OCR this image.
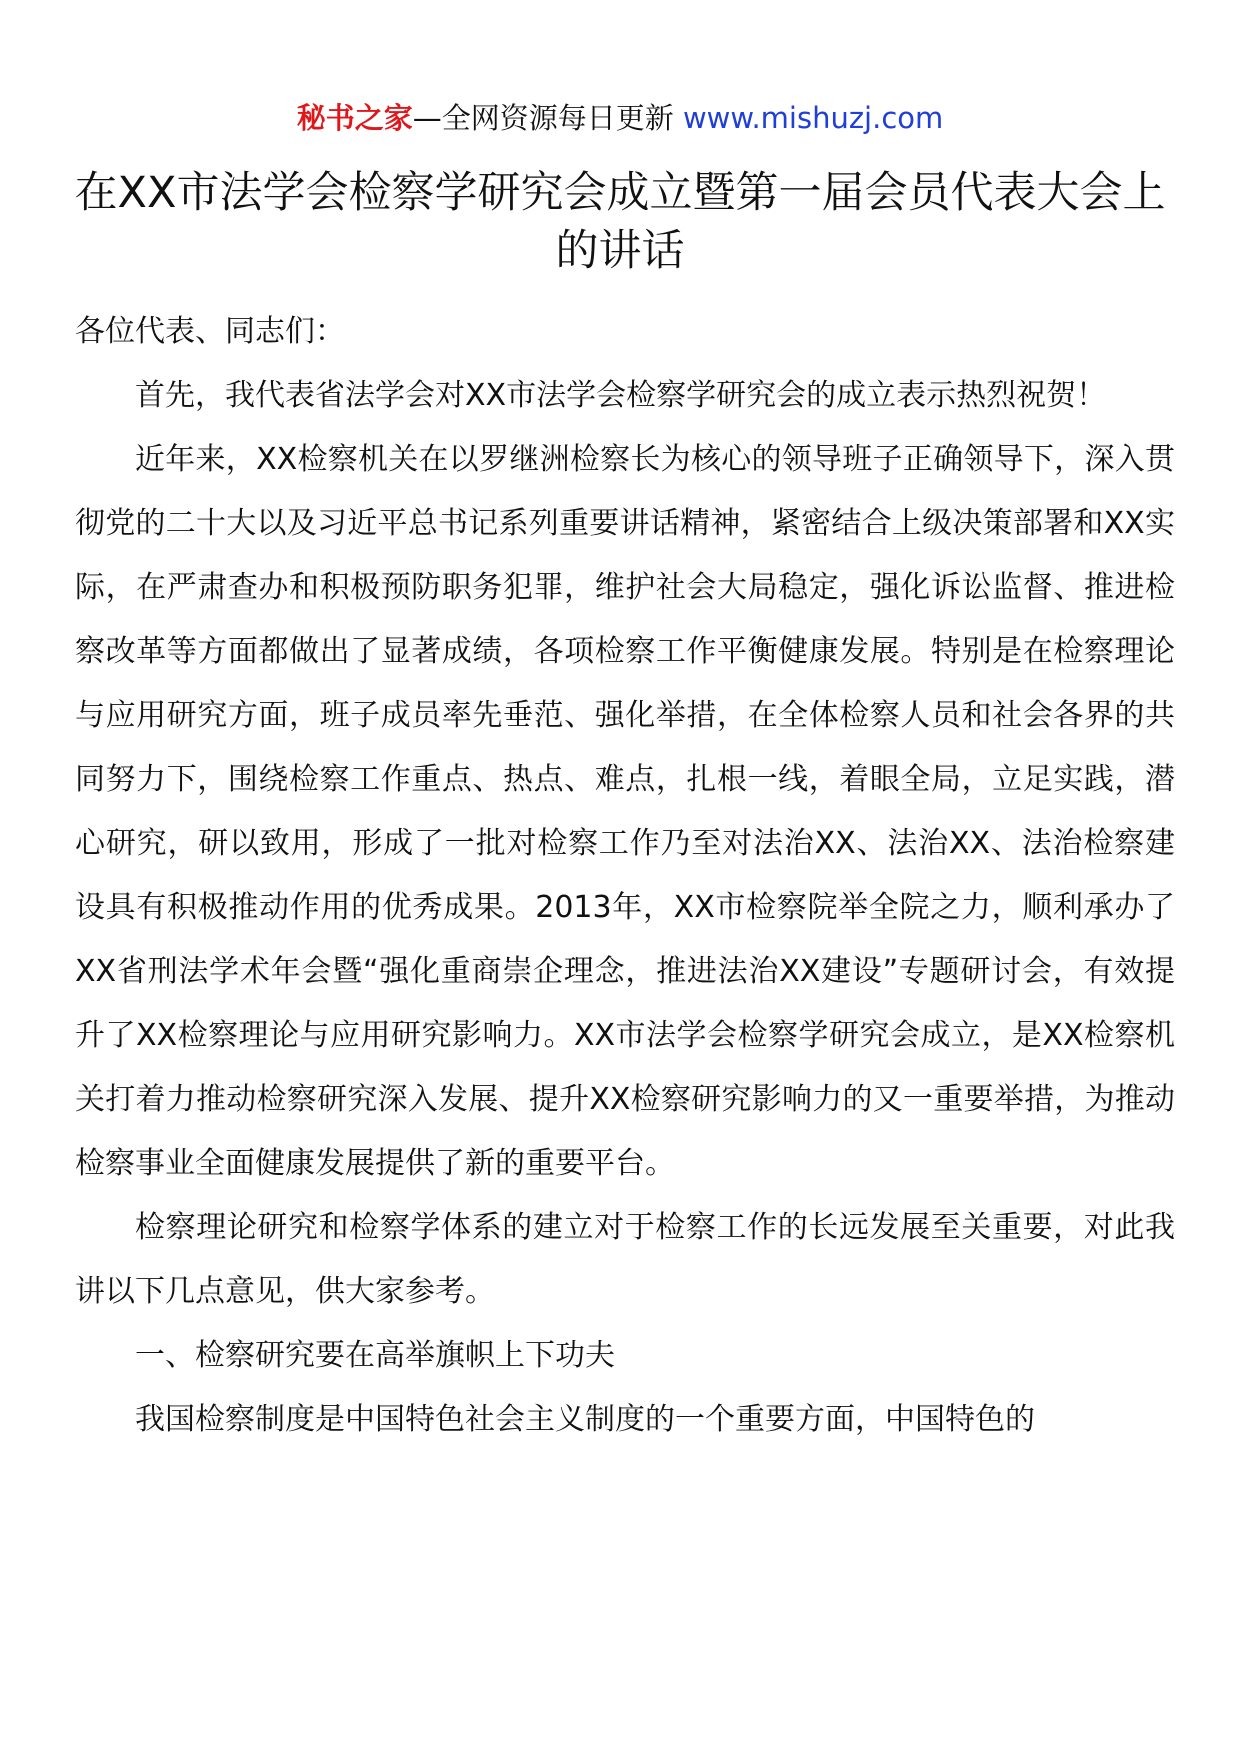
秘书之家—全网资源每日更新 www.mishuzj.com
在XX市法学会检察学研究会成立暨第一届会员代表大会上的讲话

各位代表、同志们：

首先，我代表省法学会对XX市法学会检察学研究会的成立表示热烈祝贺！

近年来，XX检察机关在以罗继洲检察长为核心的领导班子正确领导下，深入贯彻党的二十大以及习近平总书记系列重要讲话精神，紧密结合上级决策部署和XX实际，在严肃查办和积极预防职务犯罪，维护社会大局稳定，强化诉讼监督、推进检察改革等方面都做出了显著成绩，各项检察工作平衡健康发展。特别是在检察理论与应用研究方面，班子成员率先垂范、强化举措，在全体检察人员和社会各界的共同努力下，围绕检察工作重点、热点、难点，扎根一线，着眼全局，立足实践，潜心研究，研以致用，形成了一批对检察工作乃至对法治XX、法治XX、法治检察建设具有积极推动作用的优秀成果。2013年，XX市检察院举全院之力，顺利承办了XX省刑法学术年会暨“强化重商崇企理念，推进法治XX建设”专题研讨会，有效提升了XX检察理论与应用研究影响力。XX市法学会检察学研究会成立，是XX检察机关打着力推动检察研究深入发展、提升XX检察研究影响力的又一重要举措，为推动检察事业全面健康发展提供了新的重要平台。

检察理论研究和检察学体系的建立对于检察工作的长远发展至关重要，对此我讲以下几点意见，供大家参考。

一、检察研究要在高举旗帜上下功夫

我国检察制度是中国特色社会主义制度的一个重要方面，中国特色的
